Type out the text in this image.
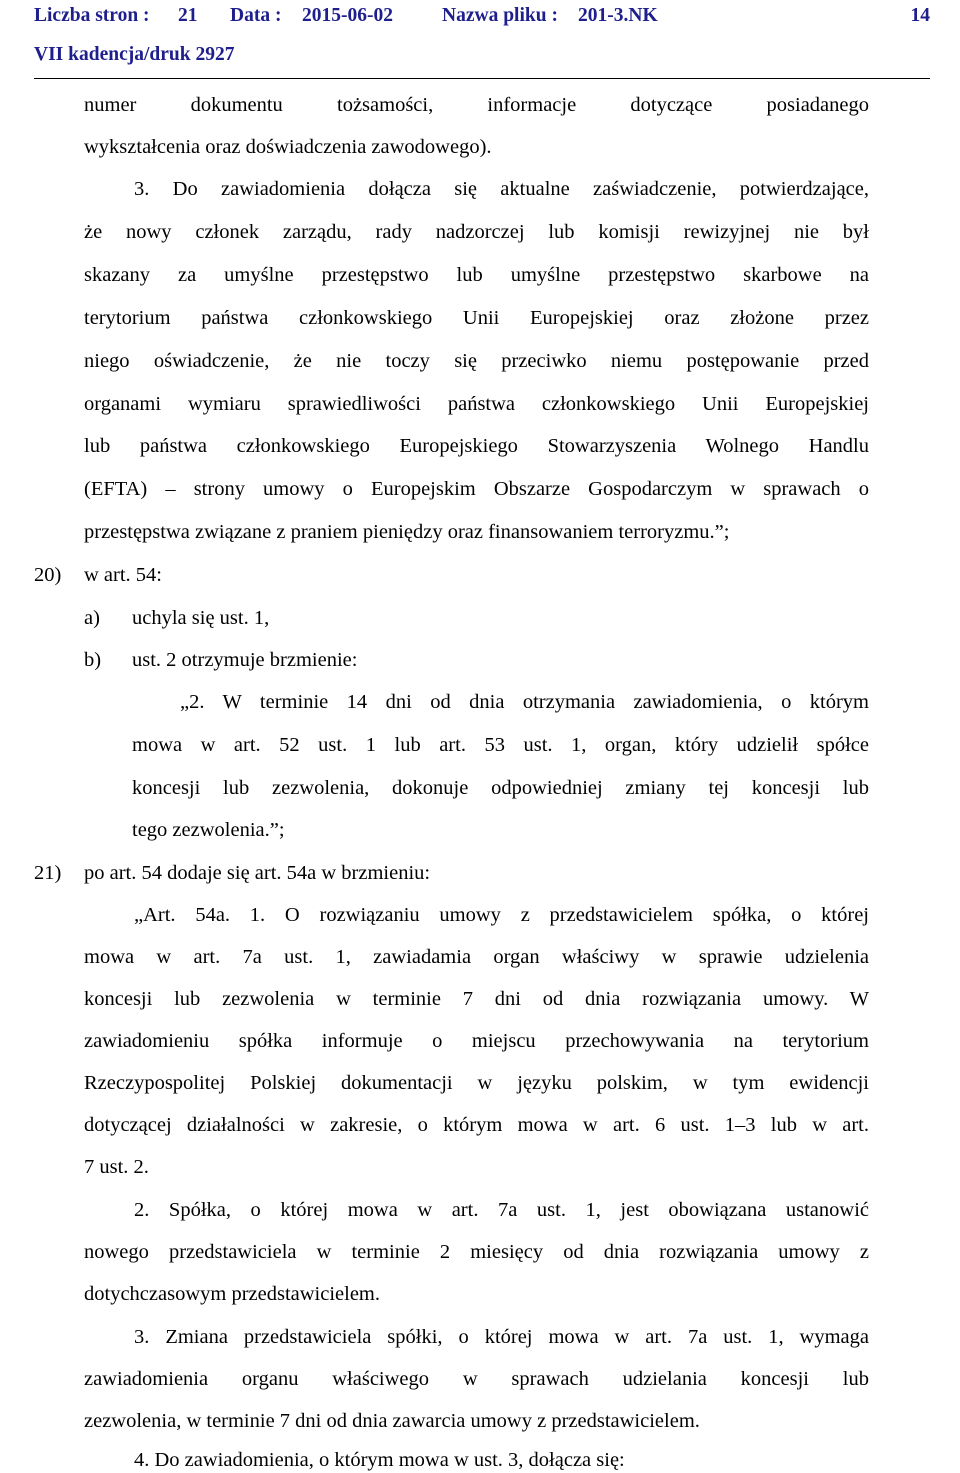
Liczba stron : 21 Data : 2015-06-02	Nazwa pliku : 201-3.NK	14
VII kadencja/druk 2927
numer dokumentu tożsamości, informacje dotyczące posiadanego
wykształcenia oraz doświadczenia zawodowego).
3. Do zawiadomienia dołącza się aktualne zaświadczenie, potwierdzające,
że nowy członek zarządu, rady nadzorczej lub komisji rewizyjnej nie był
skazany za umyślne przestępstwo lub umyślne przestępstwo skarbowe na
terytorium państwa członkowskiego Unii Europejskiej oraz złożone przez
niego oświadczenie, że nie toczy się przeciwko niemu postępowanie przed
organami wymiaru sprawiedliwości państwa członkowskiego Unii Europejskiej
lub państwa członkowskiego Europejskiego Stowarzyszenia Wolnego Handlu
(EFTA) – strony umowy o Europejskim Obszarze Gospodarczym w sprawach o
przestępstwa związane z praniem pieniędzy oraz finansowaniem terroryzmu.”;
20) w art. 54:
a) uchyla się ust. 1,
b) ust. 2 otrzymuje brzmienie:
„2. W terminie 14 dni od dnia otrzymania zawiadomienia, o którym
mowa w art. 52 ust. 1 lub art. 53 ust. 1, organ, który udzielił spółce
koncesji lub zezwolenia, dokonuje odpowiedniej zmiany tej koncesji lub
tego zezwolenia.”;
21) po art. 54 dodaje się art. 54a w brzmieniu:
„Art. 54a. 1. O rozwiązaniu umowy z przedstawicielem spółka, o której
mowa w art. 7a ust. 1, zawiadamia organ właściwy w sprawie udzielenia
koncesji lub zezwolenia w terminie 7 dni od dnia rozwiązania umowy. W
zawiadomieniu spółka informuje o miejscu przechowywania na terytorium
Rzeczypospolitej Polskiej dokumentacji w języku polskim, w tym ewidencji
dotyczącej działalności w zakresie, o którym mowa w art. 6 ust. 1–3 lub w art.
7 ust. 2.
2. Spółka, o której mowa w art. 7a ust. 1, jest obowiązana ustanowić
nowego przedstawiciela w terminie 2 miesięcy od dnia rozwiązania umowy z
dotychczasowym przedstawicielem.
3. Zmiana przedstawiciela spółki, o której mowa w art. 7a ust. 1, wymaga
zawiadomienia organu właściwego w sprawach udzielania koncesji lub
zezwolenia, w terminie 7 dni od dnia zawarcia umowy z przedstawicielem.
4. Do zawiadomienia, o którym mowa w ust. 3, dołącza się:
